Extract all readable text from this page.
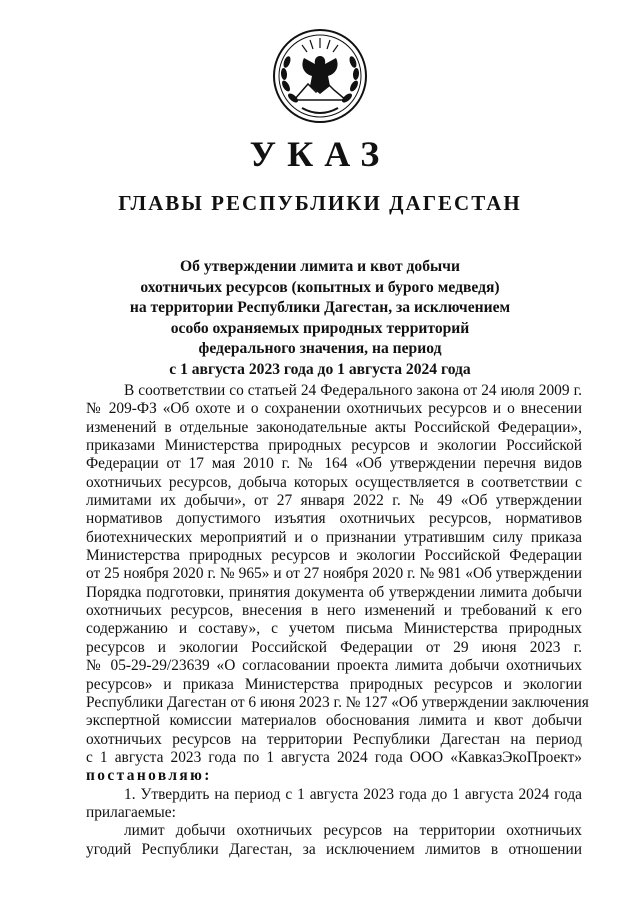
УКАЗ
ГЛАВЫ РЕСПУБЛИКИ ДАГЕСТАН
Об утверждении лимита и квот добычи
охотничьих ресурсов (копытных и бурого медведя)
на территории Республики Дагестан, за исключением
особо охраняемых природных территорий
федерального значения, на период
с 1 августа 2023 года до 1 августа 2024 года
В соответствии со статьей 24 Федерального закона от 24 июля 2009 г.
№ 209-ФЗ «Об охоте и о сохранении охотничьих ресурсов и о внесении
изменений в отдельные законодательные акты Российской Федерации»,
приказами Министерства природных ресурсов и экологии Российской
Федерации от 17 мая 2010 г. № 164 «Об утверждении перечня видов
охотничьих ресурсов, добыча которых осуществляется в соответствии с
лимитами их добычи», от 27 января 2022 г. № 49 «Об утверждении
нормативов допустимого изъятия охотничьих ресурсов, нормативов
биотехнических мероприятий и о признании утратившим силу приказа
Министерства природных ресурсов и экологии Российской Федерации
от 25 ноября 2020 г. № 965» и от 27 ноября 2020 г. № 981 «Об утверждении
Порядка подготовки, принятия документа об утверждении лимита добычи
охотничьих ресурсов, внесения в него изменений и требований к его
содержанию и составу», с учетом письма Министерства природных
ресурсов и экологии Российской Федерации от 29 июня 2023 г.
№ 05-29-29/23639 «О согласовании проекта лимита добычи охотничьих
ресурсов» и приказа Министерства природных ресурсов и экологии
Республики Дагестан от 6 июня 2023 г. № 127 «Об утверждении заключения
экспертной комиссии материалов обоснования лимита и квот добычи
охотничьих ресурсов на территории Республики Дагестан на период
с 1 августа 2023 года по 1 августа 2024 года ООО «КавказЭкоПроект»
постановляю:
1. Утвердить на период с 1 августа 2023 года до 1 августа 2024 года
прилагаемые:
лимит добычи охотничьих ресурсов на территории охотничьих
угодий Республики Дагестан, за исключением лимитов в отношении
